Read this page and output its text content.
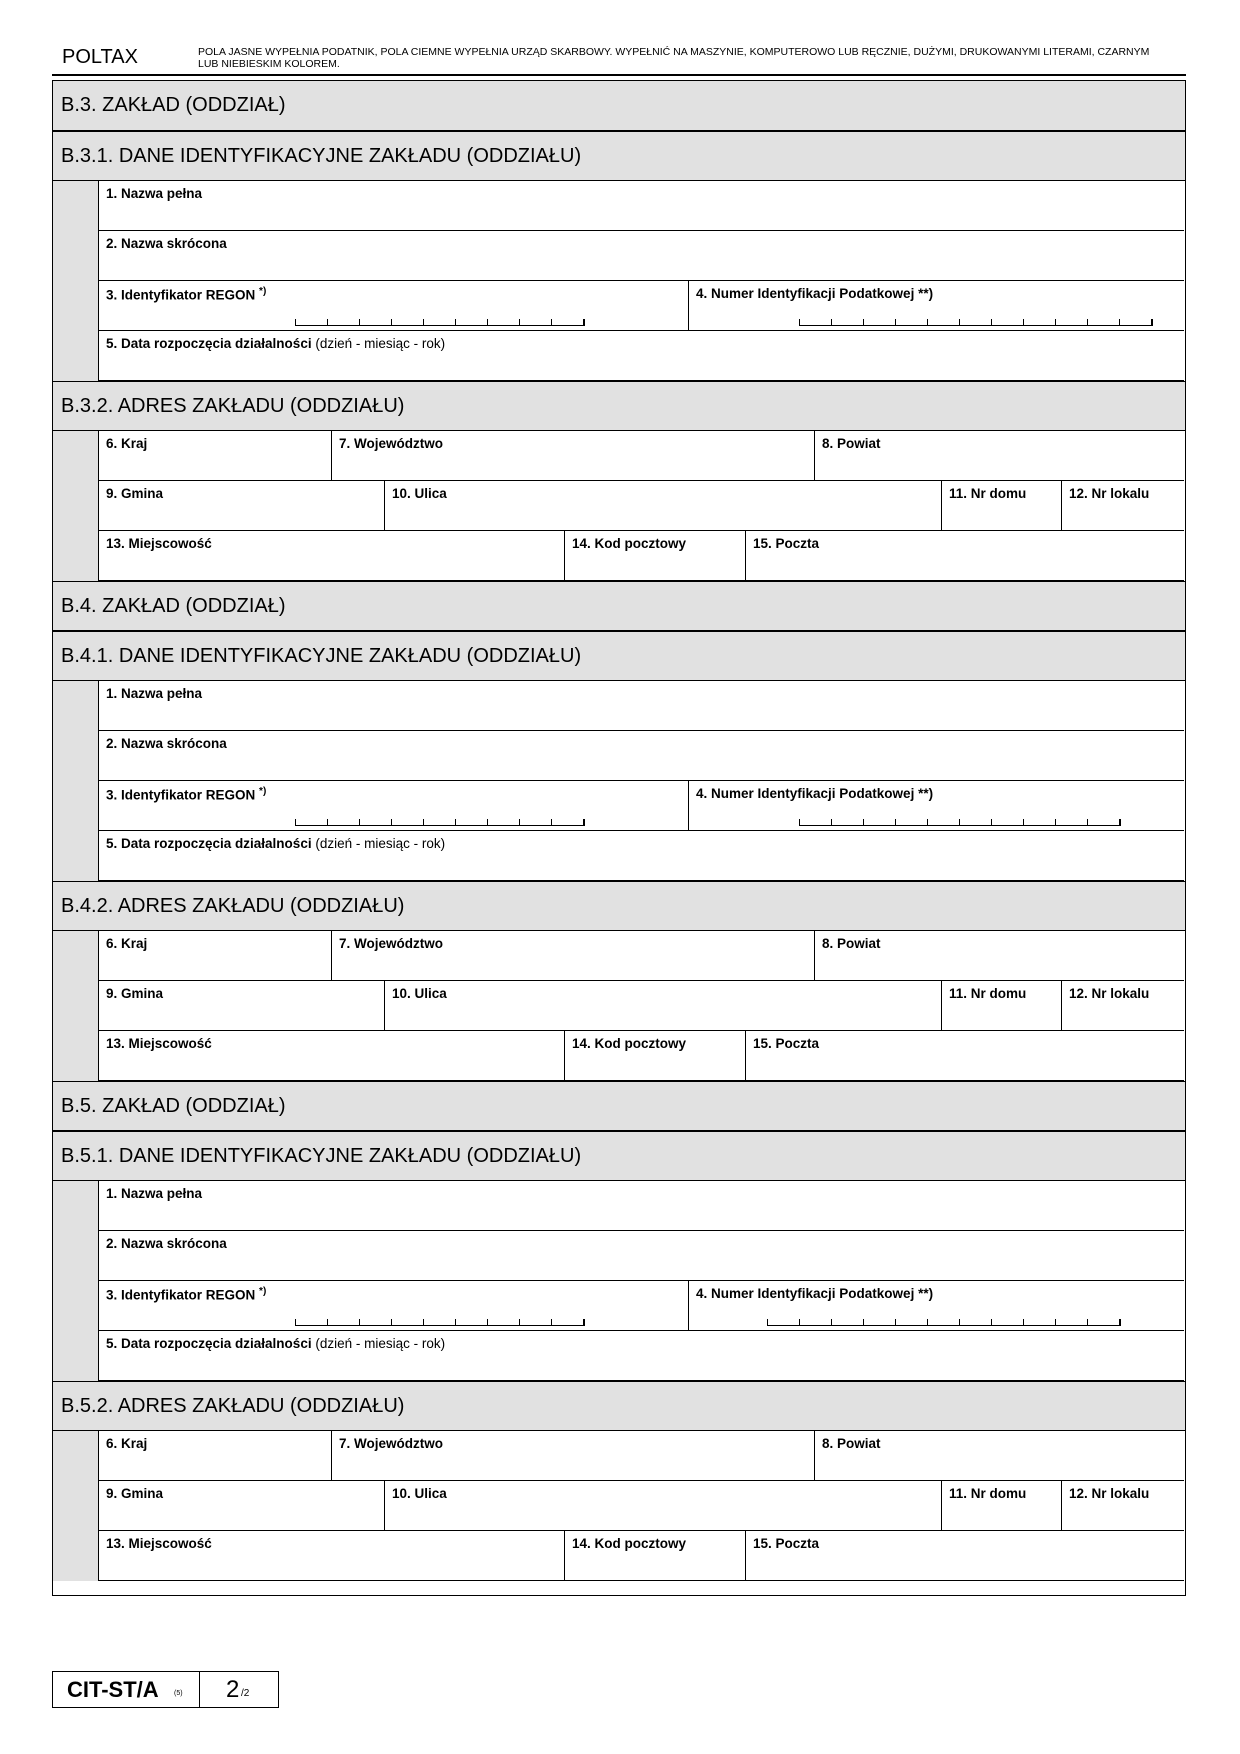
POLTAX	POLA JASNE WYPEŁNIA PODATNIK, POLA CIEMNE WYPEŁNIA URZĄD SKARBOWY. WYPEŁNIĆ NA MASZYNIE, KOMPUTEROWO LUB RĘCZNIE, DUŻYMI, DRUKOWANYMI LITERAMI, CZARNYM LUB NIEBIESKIM KOLOREM.
B.3. ZAKŁAD (ODDZIAŁ)
B.3.1. DANE IDENTYFIKACYJNE ZAKŁADU (ODDZIAŁU)
1. Nazwa pełna
2. Nazwa skrócona
3. Identyfikator REGON *)	4. Numer Identyfikacji Podatkowej **)
5. Data rozpoczęcia działalności (dzień - miesiąc - rok)
B.3.2. ADRES ZAKŁADU (ODDZIAŁU)
6. Kraj	7. Województwo	8. Powiat
9. Gmina	10. Ulica	11. Nr domu	12. Nr lokalu
13. Miejscowość	14. Kod pocztowy	15. Poczta
B.4. ZAKŁAD (ODDZIAŁ)
B.4.1. DANE IDENTYFIKACYJNE ZAKŁADU (ODDZIAŁU)
1. Nazwa pełna
2. Nazwa skrócona
3. Identyfikator REGON *)	4. Numer Identyfikacji Podatkowej **)
5. Data rozpoczęcia działalności (dzień - miesiąc - rok)
B.4.2. ADRES ZAKŁADU (ODDZIAŁU)
6. Kraj	7. Województwo	8. Powiat
9. Gmina	10. Ulica	11. Nr domu	12. Nr lokalu
13. Miejscowość	14. Kod pocztowy	15. Poczta
B.5. ZAKŁAD (ODDZIAŁ)
B.5.1. DANE IDENTYFIKACYJNE ZAKŁADU (ODDZIAŁU)
1. Nazwa pełna
2. Nazwa skrócona
3. Identyfikator REGON *)	4. Numer Identyfikacji Podatkowej **)
5. Data rozpoczęcia działalności (dzień - miesiąc - rok)
B.5.2. ADRES ZAKŁADU (ODDZIAŁU)
6. Kraj	7. Województwo	8. Powiat
9. Gmina	10. Ulica	11. Nr domu	12. Nr lokalu
13. Miejscowość	14. Kod pocztowy	15. Poczta
CIT-ST/A (5) 2 /2
